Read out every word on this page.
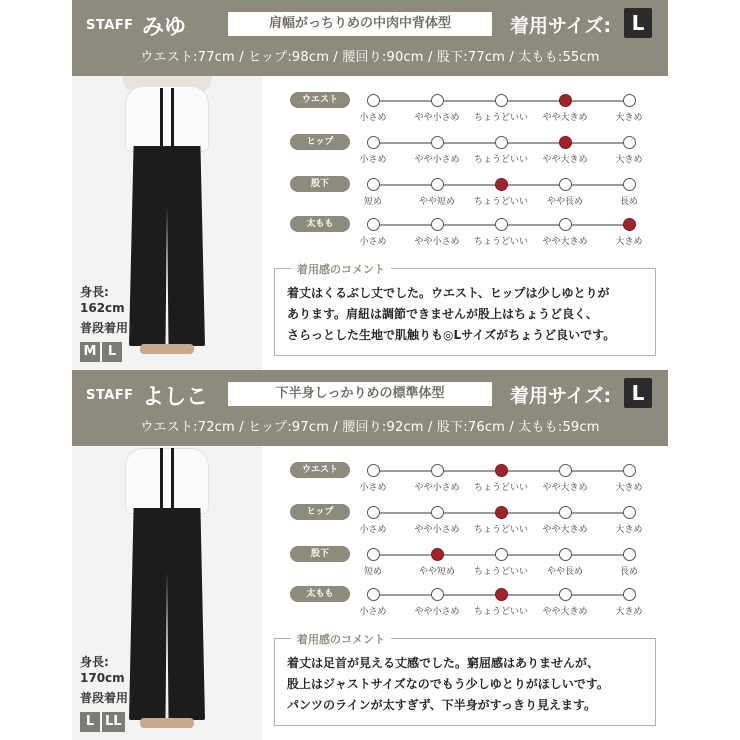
STAFF みゆ	肩幅がっちりめの中肉中背体型	着用サイズ:	L
ウエスト:77cm / ヒップ:98cm / 腰回り:90cm / 股下:77cm / 太もも:55cm
身長:
162cm
普段着用:
M L
ウエスト
小さめ	やや小さめ ちょうどいい やや大きめ	大きめ
ヒップ
小さめ	やや小さめ ちょうどいい やや大きめ	大きめ
股下
短め	やや短め ちょうどいい やや長め	長め
太もも
小さめ	やや小さめ ちょうどいい やや大きめ	大きめ
着用感のコメント
着丈はくるぶし丈でした。ウエスト、ヒップは少しゆとりが
あります。肩紐は調節できませんが股上はちょうど良く、
さらっとした生地で肌触りも◎Lサイズがちょうど良いです。
STAFF よしこ	下半身しっかりめの標準体型	着用サイズ:	L
ウエスト:72cm / ヒップ:97cm / 腰回り:92cm / 股下:76cm / 太もも:59cm
身長:
170cm
普段着用:
L LL
ウエスト
小さめ	やや小さめ ちょうどいい やや大きめ	大きめ
ヒップ
小さめ	やや小さめ ちょうどいい やや大きめ	大きめ
股下
短め	やや短め ちょうどいい やや長め	長め
太もも
小さめ	やや小さめ ちょうどいい やや大きめ	大きめ
着用感のコメント
着丈は足首が見える丈感でした。窮屈感はありませんが、
股上はジャストサイズなのでもう少しゆとりがほしいです。
パンツのラインが太すぎず、下半身がすっきり見えます。
